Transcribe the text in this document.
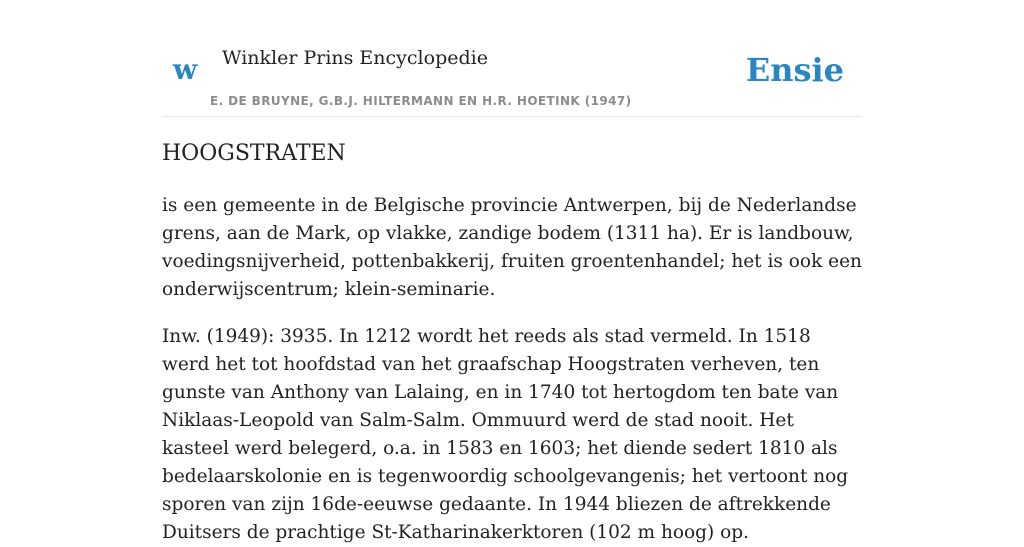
w Winkler Prins Encyclopedie
E. DE BRUYNE, G.B.J. HILTERMANN EN H.R. HOETINK (1947)
Ensie
HOOGSTRATEN

is een gemeente in de Belgische provincie Antwerpen, bij de Nederlandse grens, aan de Mark, op vlakke, zandige bodem (1311 ha). Er is landbouw, voedingsnijverheid, pottenbakkerij, fruiten groentenhandel; het is ook een onderwijscentrum; klein-seminarie.

Inw. (1949): 3935. In 1212 wordt het reeds als stad vermeld. In 1518 werd het tot hoofdstad van het graafschap Hoogstraten verheven, ten gunste van Anthony van Lalaing, en in 1740 tot hertogdom ten bate van Niklaas-Leopold van Salm-Salm. Ommuurd werd de stad nooit. Het kasteel werd belegerd, o.a. in 1583 en 1603; het diende sedert 1810 als bedelaarskolonie en is tegenwoordig schoolgevangenis; het vertoont nog sporen van zijn 16de-eeuwse gedaante. In 1944 bliezen de aftrekkende Duitsers de prachtige St-Katharinakerktoren (102 m hoog) op.
